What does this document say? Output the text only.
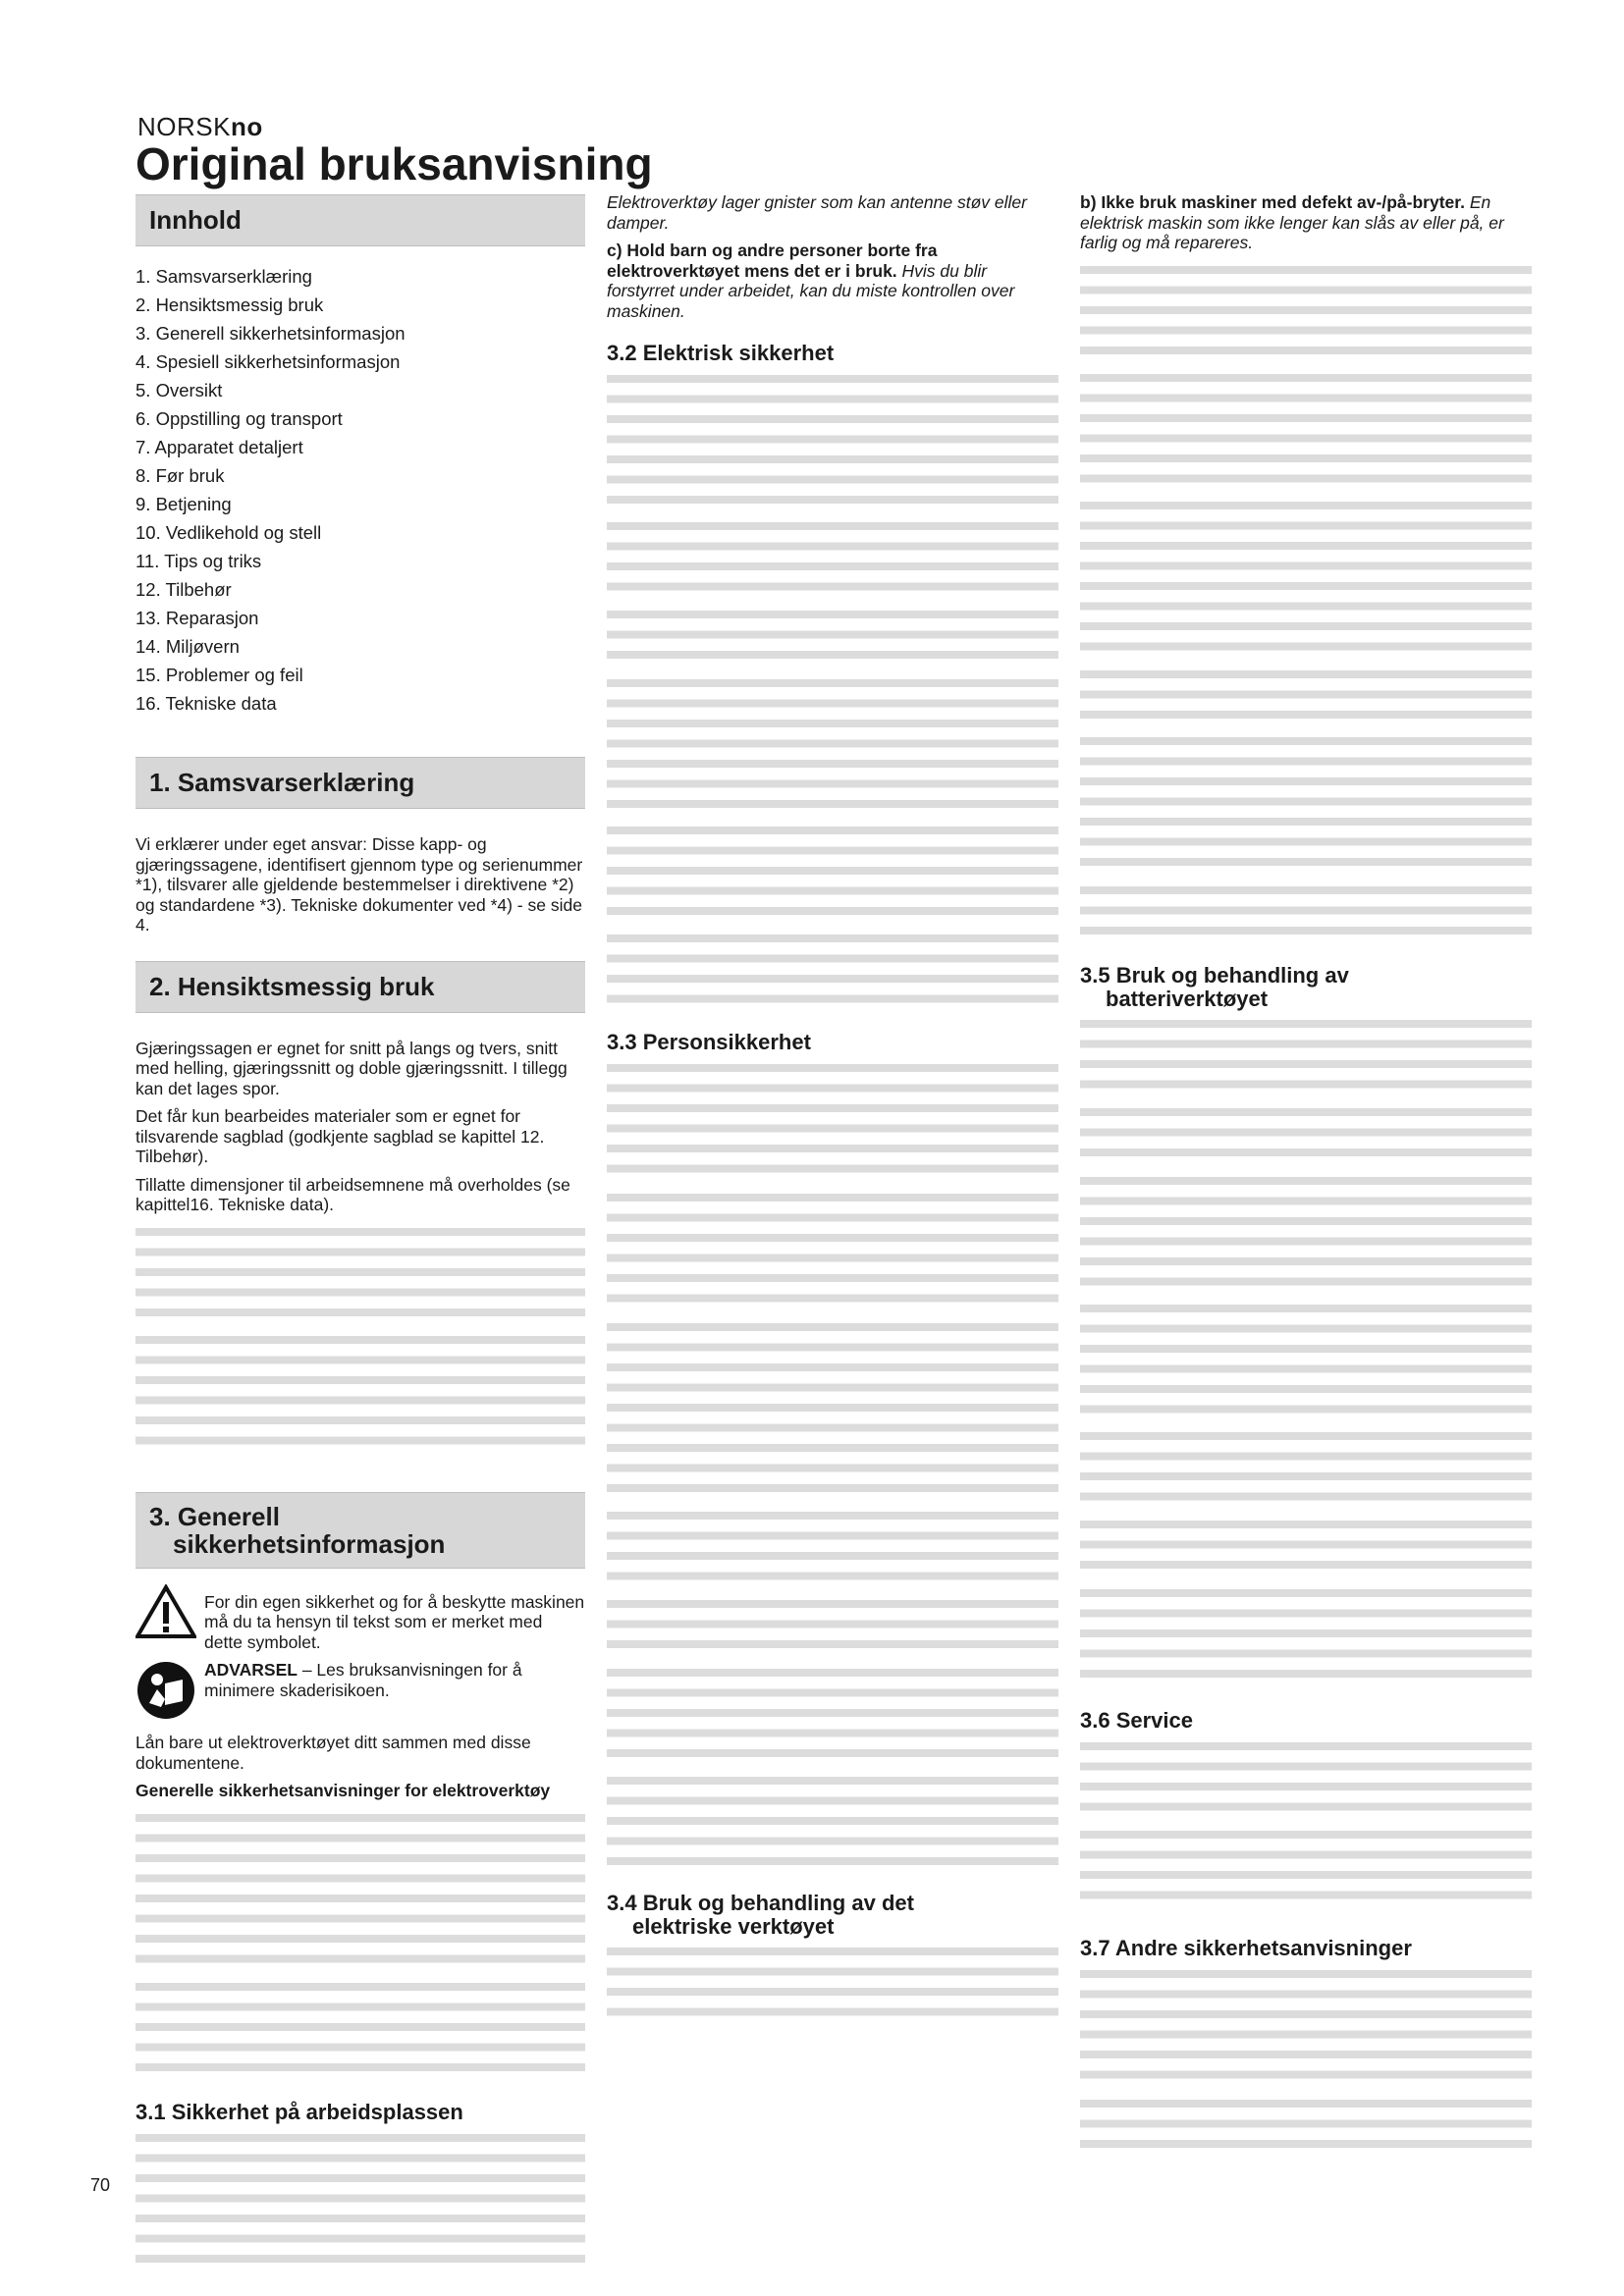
NORSKno
Original bruksanvisning
Innhold
1. Samsvarserklæring
2. Hensiktsmessig bruk
3. Generell sikkerhetsinformasjon
4. Spesiell sikkerhetsinformasjon
5. Oversikt
6. Oppstilling og transport
7. Apparatet detaljert
8. Før bruk
9. Betjening
10. Vedlikehold og stell
11. Tips og triks
12. Tilbehør
13. Reparasjon
14. Miljøvern
15. Problemer og feil
16. Tekniske data
1. Samsvarserklæring

Vi erklærer under eget ansvar: Disse kapp- og gjæringssagene, identifisert gjennom type og serienummer *1), tilsvarer alle gjeldende bestemmelser i direktivene *2) og standardene *3). Tekniske dokumenter ved *4) - se side 4.

2. Hensiktsmessig bruk

Gjæringssagen er egnet for snitt på langs og tvers, snitt med helling, gjæringssnitt og doble gjæringssnitt. I tillegg kan det lages spor.

Det får kun bearbeides materialer som er egnet for tilsvarende sagblad (godkjente sagblad se kapittel 12. Tilbehør).

Tillatte dimensjoner til arbeidsemnene må overholdes (se kapittel16. Tekniske data).

3. Generell
sikkerhetsinformasjon

For din egen sikkerhet og for å beskytte maskinen må du ta hensyn til tekst som er merket med dette symbolet.

ADVARSEL – Les bruksanvisningen for å minimere skaderisikoen.

Lån bare ut elektroverktøyet ditt sammen med disse dokumentene.

Generelle sikkerhetsanvisninger for elektroverktøy

3.1 Sikkerhet på arbeidsplassen

Elektroverktøy lager gnister som kan antenne støv eller damper.

c) Hold barn og andre personer borte fra elektroverktøyet mens det er i bruk. Hvis du blir forstyrret under arbeidet, kan du miste kontrollen over maskinen.

3.2 Elektrisk sikkerhet
3.3 Personsikkerhet
3.4 Bruk og behandling av det
elektriske verktøyet

b) Ikke bruk maskiner med defekt av-/på-bryter. En elektrisk maskin som ikke lenger kan slås av eller på, er farlig og må repareres.

3.5 Bruk og behandling av
batteriverktøyet
3.6 Service
3.7 Andre sikkerhetsanvisninger
70
